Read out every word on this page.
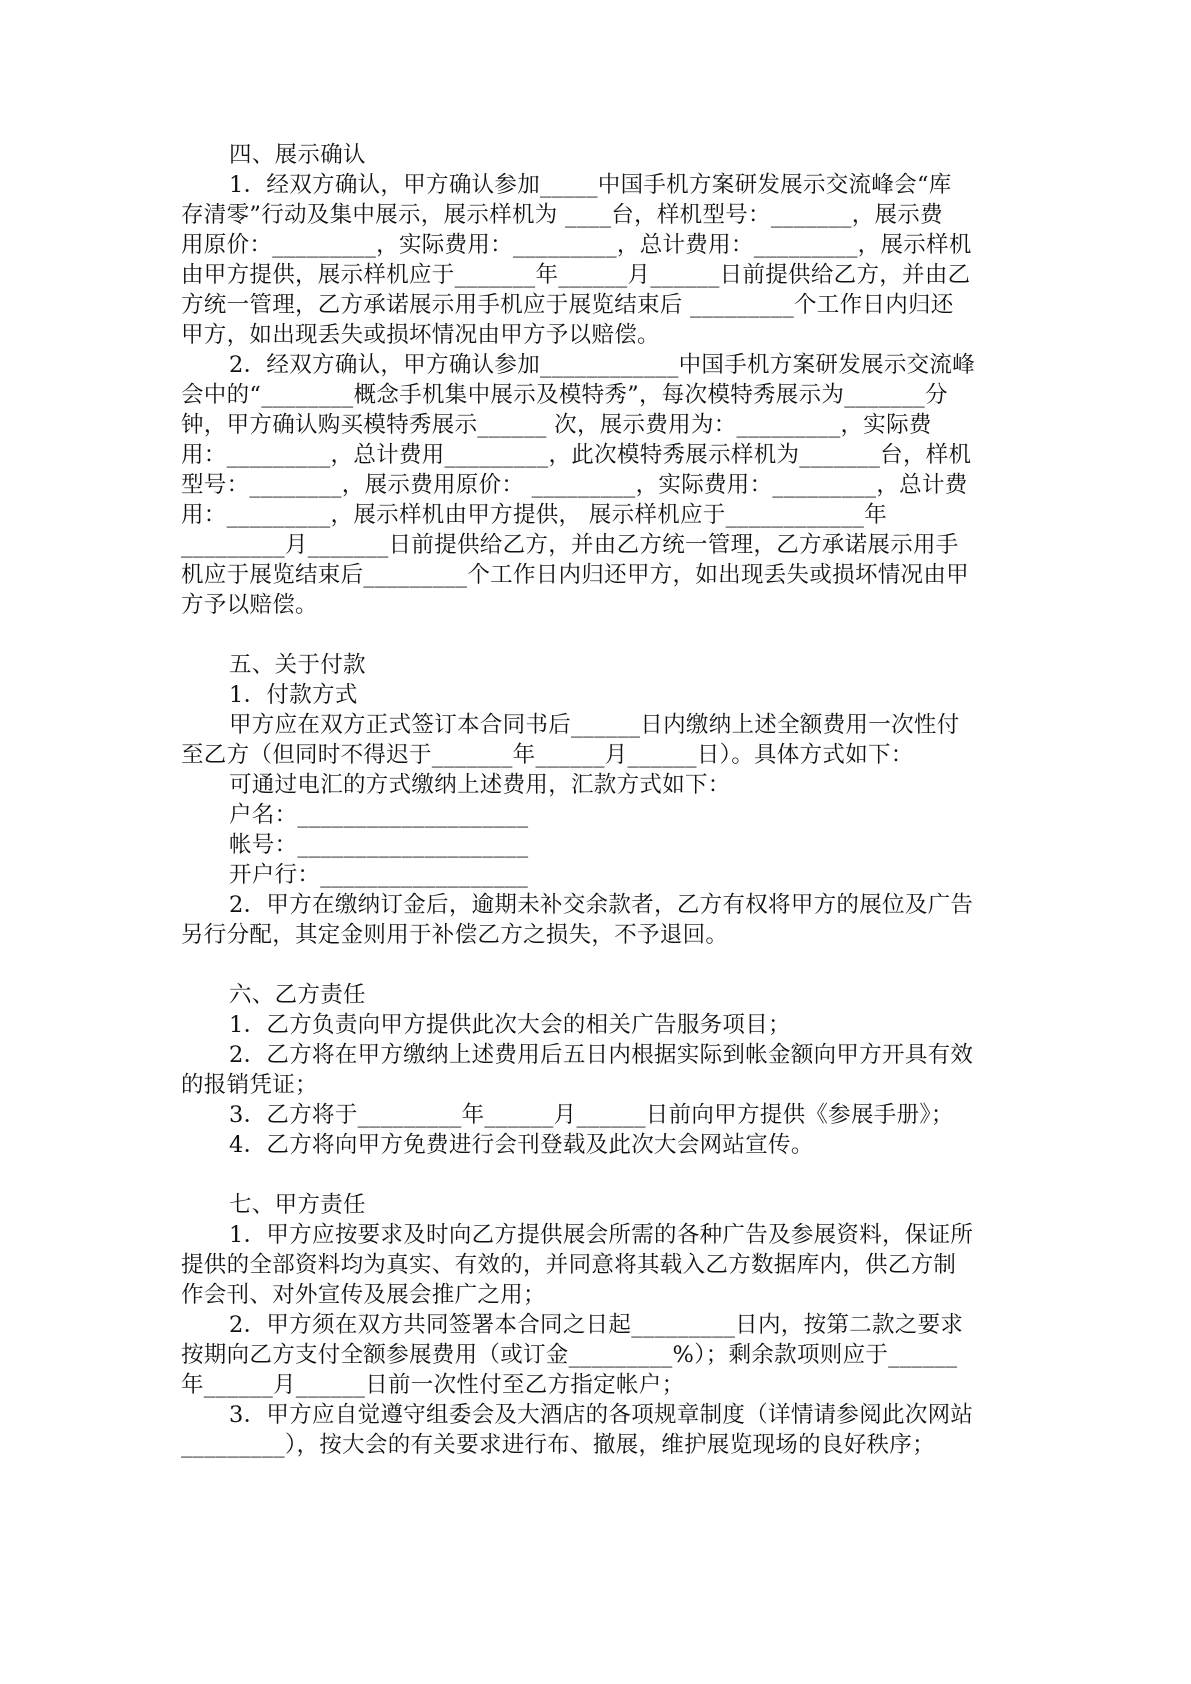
四、展示确认
1．经双方确认，甲方确认参加_____中国手机方案研发展示交流峰会“库
存清零”行动及集中展示，展示样机为 ____台，样机型号：_______，展示费
用原价：_________，实际费用：_________，总计费用：_________，展示样机
由甲方提供，展示样机应于_______年______月______日前提供给乙方，并由乙
方统一管理，乙方承诺展示用手机应于展览结束后 _________个工作日内归还
甲方，如出现丢失或损坏情况由甲方予以赔偿。
2．经双方确认，甲方确认参加____________中国手机方案研发展示交流峰
会中的“________概念手机集中展示及模特秀”，每次模特秀展示为_______分
钟，甲方确认购买模特秀展示______ 次，展示费用为：_________，实际费
用：_________，总计费用_________，此次模特秀展示样机为_______台，样机
型号：________，展示费用原价： _________，实际费用：_________，总计费
用：_________，展示样机由甲方提供， 展示样机应于____________年
_________月_______日前提供给乙方，并由乙方统一管理，乙方承诺展示用手
机应于展览结束后_________个工作日内归还甲方，如出现丢失或损坏情况由甲
方予以赔偿。
五、关于付款
1．付款方式
甲方应在双方正式签订本合同书后______日内缴纳上述全额费用一次性付
至乙方（但同时不得迟于_______年______月______日）。具体方式如下：
可通过电汇的方式缴纳上述费用，汇款方式如下：
户名：____________________
帐号：____________________
开户行：__________________
2．甲方在缴纳订金后，逾期未补交余款者，乙方有权将甲方的展位及广告
另行分配，其定金则用于补偿乙方之损失，不予退回。
六、乙方责任
1．乙方负责向甲方提供此次大会的相关广告服务项目；
2．乙方将在甲方缴纳上述费用后五日内根据实际到帐金额向甲方开具有效
的报销凭证；
3．乙方将于_________年______月______日前向甲方提供《参展手册》；
4．乙方将向甲方免费进行会刊登载及此次大会网站宣传。
七、甲方责任
1．甲方应按要求及时向乙方提供展会所需的各种广告及参展资料，保证所
提供的全部资料均为真实、有效的，并同意将其载入乙方数据库内，供乙方制
作会刊、对外宣传及展会推广之用；
2．甲方须在双方共同签署本合同之日起_________日内，按第二款之要求
按期向乙方支付全额参展费用（或订金_________%）；剩余款项则应于______
年______月______日前一次性付至乙方指定帐户；
3．甲方应自觉遵守组委会及大酒店的各项规章制度（详情请参阅此次网站
_________），按大会的有关要求进行布、撤展，维护展览现场的良好秩序；
